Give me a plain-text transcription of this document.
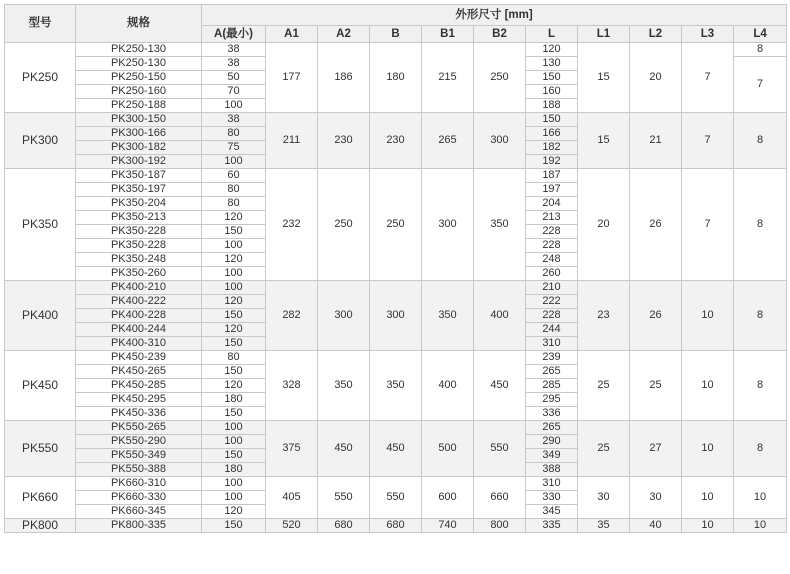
型号	规格	外形尺寸 [mm]										
		A(最小)	A1	A2	B	B1	B2	L	L1	L2	L3	L4
PK250	PK250-130	38	177	186	180	215	250	120	15	20	7	8
	PK250-130	38						130				7
	PK250-150	50						150				
	PK250-160	70						160				
	PK250-188	100						188				
PK300	PK300-150	38	211	230	230	265	300	150	15	21	7	8
	PK300-166	80						166				
	PK300-182	75						182				
	PK300-192	100						192				
PK350	PK350-187	60	232	250	250	300	350	187	20	26	7	8
	PK350-197	80						197				
	PK350-204	80						204				
	PK350-213	120						213				
	PK350-228	150						228				
	PK350-228	100						228				
	PK350-248	120						248				
	PK350-260	100						260				
PK400	PK400-210	100	282	300	300	350	400	210	23	26	10	8
	PK400-222	120						222				
	PK400-228	150						228				
	PK400-244	120						244				
	PK400-310	150						310				
PK450	PK450-239	80	328	350	350	400	450	239	25	25	10	8
	PK450-265	150						265				
	PK450-285	120						285				
	PK450-295	180						295				
	PK450-336	150						336				
PK550	PK550-265	100	375	450	450	500	550	265	25	27	10	8
	PK550-290	100						290				
	PK550-349	150						349				
	PK550-388	180						388				
PK660	PK660-310	100	405	550	550	600	660	310	30	30	10	10
	PK660-330	100						330				
	PK660-345	120						345				
PK800	PK800-335	150	520	680	680	740	800	335	35	40	10	10
